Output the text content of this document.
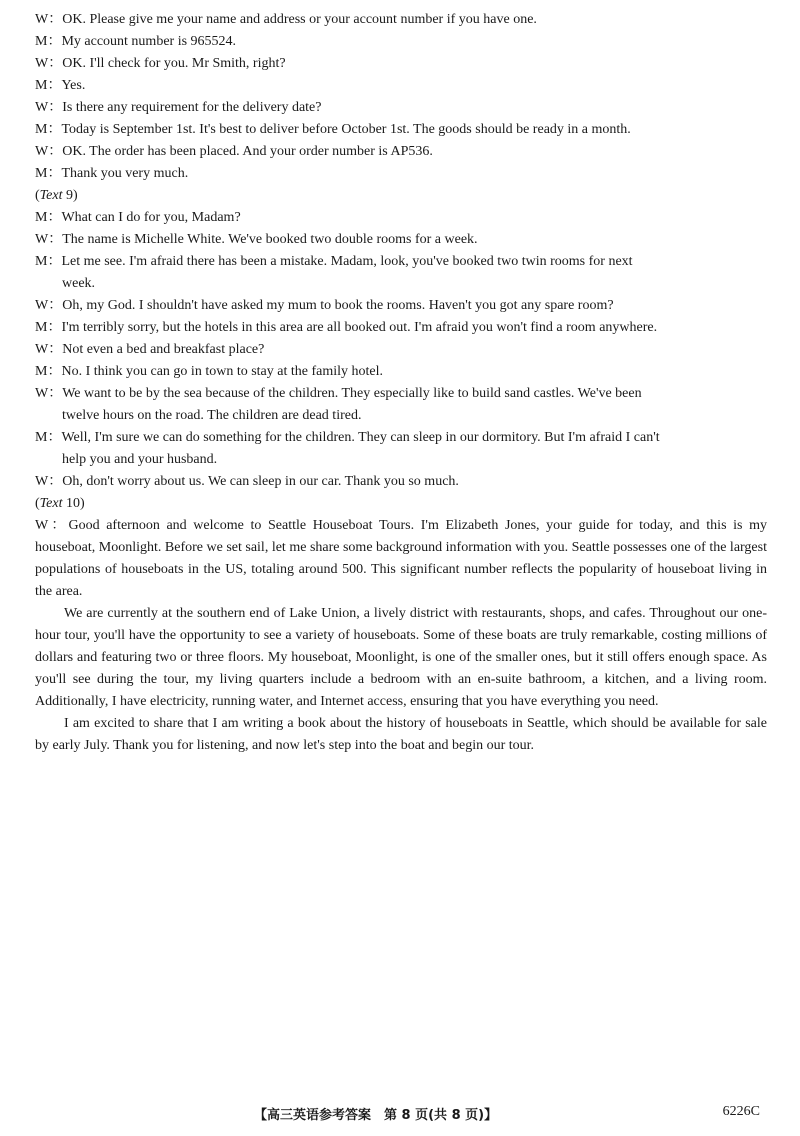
W：OK. Please give me your name and address or your account number if you have one.

M：My account number is 965524.

W：OK. I'll check for you. Mr Smith, right?

M：Yes.

W：Is there any requirement for the delivery date?

M：Today is September 1st. It's best to deliver before October 1st. The goods should be ready in a month.

W：OK. The order has been placed. And your order number is AP536.

M：Thank you very much.

(Text 9)

M：What can I do for you, Madam?

W：The name is Michelle White. We've booked two double rooms for a week.

M：Let me see. I'm afraid there has been a mistake. Madam, look, you've booked two twin rooms for next

week.

W：Oh, my God. I shouldn't have asked my mum to book the rooms. Haven't you got any spare room?

M：I'm terribly sorry, but the hotels in this area are all booked out. I'm afraid you won't find a room anywhere.

W：Not even a bed and breakfast place?

M：No. I think you can go in town to stay at the family hotel.

W：We want to be by the sea because of the children. They especially like to build sand castles. We've been

twelve hours on the road. The children are dead tired.

M：Well, I'm sure we can do something for the children. They can sleep in our dormitory. But I'm afraid I can't

help you and your husband.

W：Oh, don't worry about us. We can sleep in our car. Thank you so much.

(Text 10)

W：Good afternoon and welcome to Seattle Houseboat Tours. I'm Elizabeth Jones, your guide for today, and this is my houseboat, Moonlight. Before we set sail, let me share some background information with you. Seattle possesses one of the largest populations of houseboats in the US, totaling around 500. This significant number reflects the popularity of houseboat living in the area.

We are currently at the southern end of Lake Union, a lively district with restaurants, shops, and cafes. Throughout our one-hour tour, you'll have the opportunity to see a variety of houseboats. Some of these boats are truly remarkable, costing millions of dollars and featuring two or three floors. My houseboat, Moonlight, is one of the smaller ones, but it still offers enough space. As you'll see during the tour, my living quarters include a bedroom with an en-suite bathroom, a kitchen, and a living room. Additionally, I have electricity, running water, and Internet access, ensuring that you have everything you need.

I am excited to share that I am writing a book about the history of houseboats in Seattle, which should be available for sale by early July. Thank you for listening, and now let's step into the boat and begin our tour.

【高三英语参考答案　第 8 页(共 8 页)】	6226C
